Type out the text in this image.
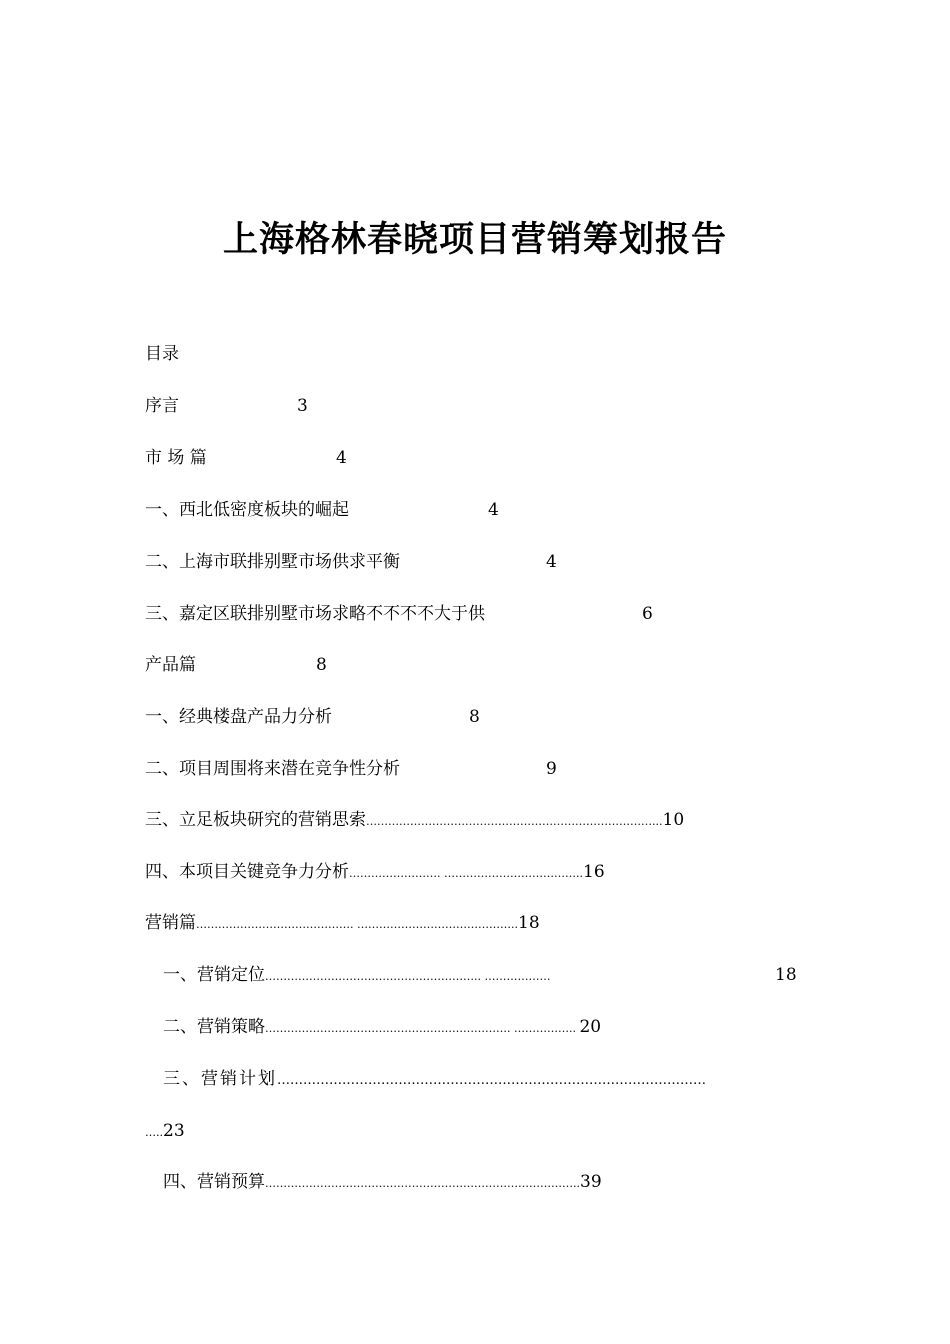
上海格林春晓项目营销筹划报告
目录
序言	3
市 场 篇	4
一、西北低密度板块的崛起	4
二、上海市联排别墅市场供求平衡	4
三、嘉定区联排别墅市场求略不不不不大于供	6
产品篇	8
一、经典楼盘产品力分析	8
二、项目周围将来潜在竞争性分析	9
三、立足板块研究的营销思索……………………………………………………………………...10
四、本项目关键竞争力分析……………………. ………………………………..16
营销篇……………………………………. ……………………………………..18
一、营销定位………………………………………………….. ………………	18
二、营销策略…………………………………………………………. …………….. 20
三、营销计划………………………………………………………………………………………
…..23
四、营销预算…………………………………………………………………………..39
